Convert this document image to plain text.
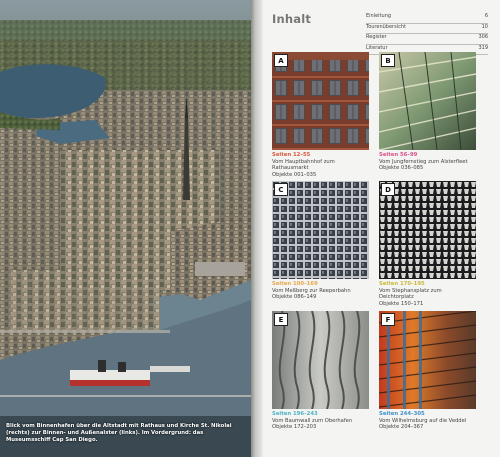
Blick vom Binnenhafen über die Altstadt mit Rathaus und Kirche St. Nikolai (rechts) zur Binnen- und Außenalster (links). Im Vordergrund: das Museumsschiff Cap San Diego.
Inhalt	Einleitung	6
Tourenübersicht	10
Register	306
Literatur	319
A
Seiten 12–55
Vom Hauptbahnhof zum Rathausmarkt
Objekte 001–035
B
Seiten 56–99
Vom Jungfernstieg zum Alsterfleet
Objekte 036–085
C
Seiten 100–169
Vom Meßberg zur Reeperbahn
Objekte 086–149
D
Seiten 170–195
Vom Stephansplatz zum Deichtorplatz
Objekte 150–171
E
Seiten 196–243
Vom Baumwall zum Oberhafen
Objekte 172–203
F
Seiten 244–305
Vom Wilhelmsburg auf die Veddel
Objekte 204–367
